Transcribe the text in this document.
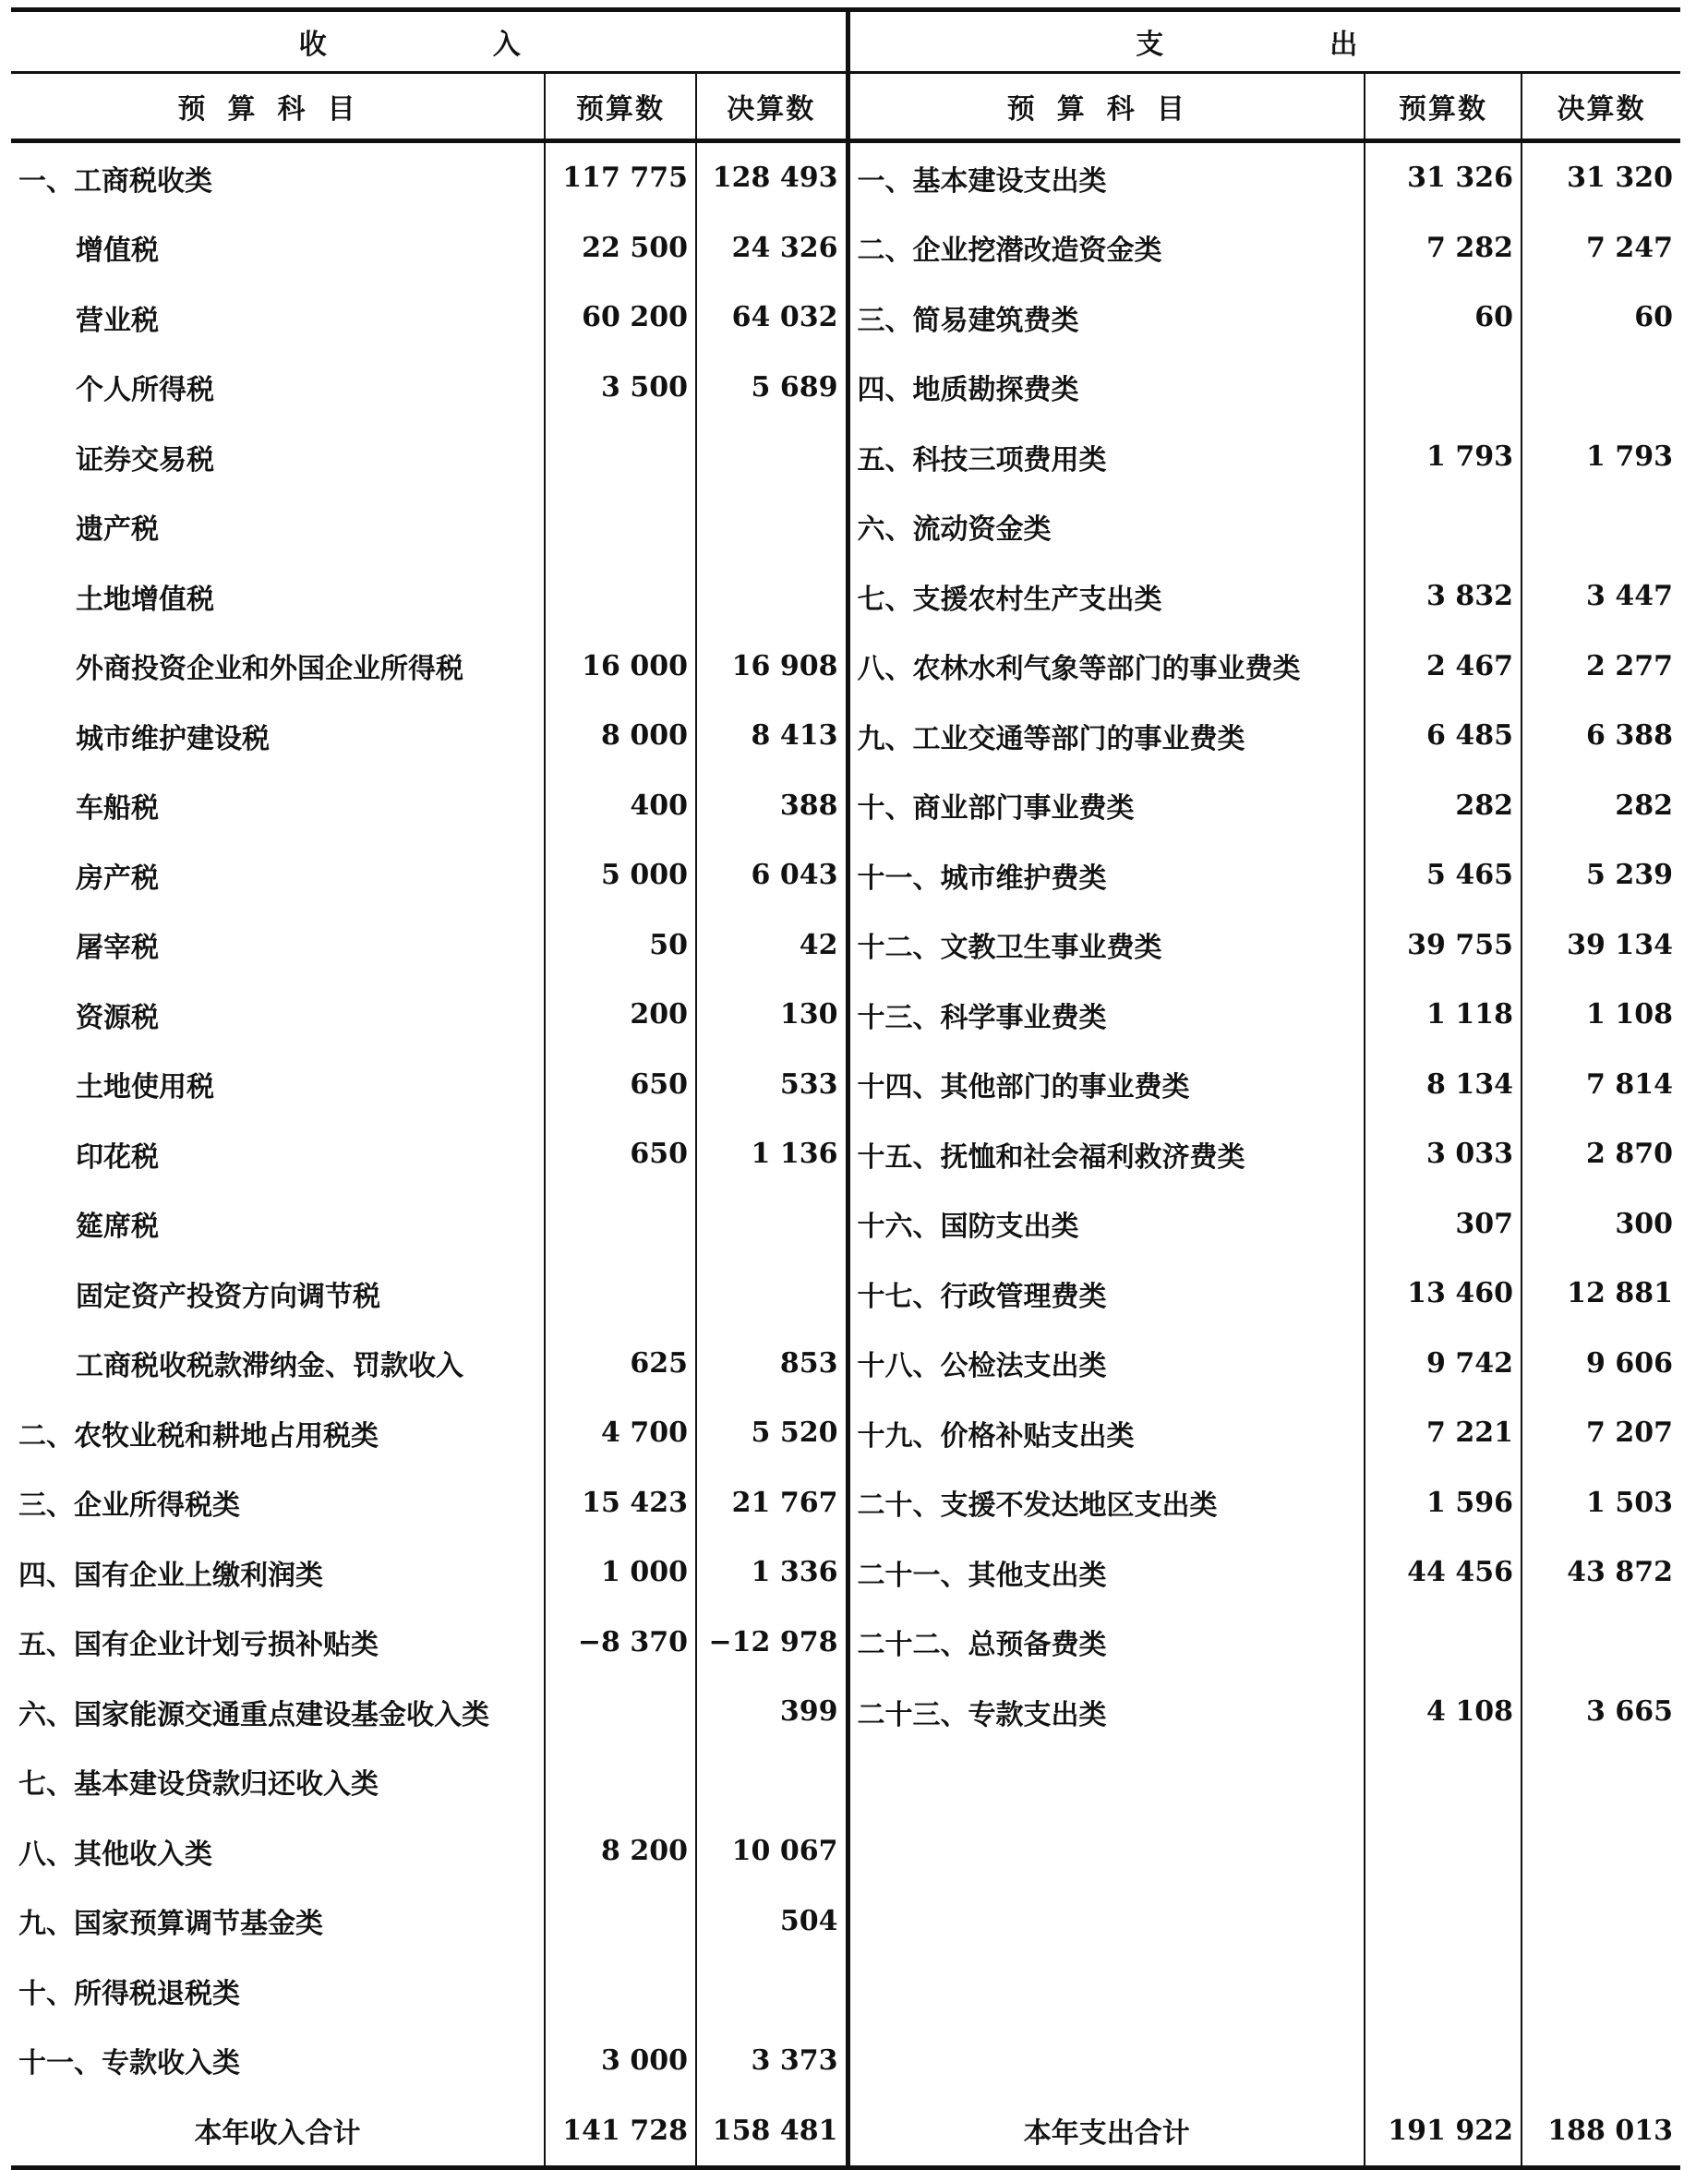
收　　入			支　　出		
预算科目	预算数	决算数	预算科目	预算数	决算数
一、工商税收类	117 775	128 493	一、基本建设支出类	31 326	31 320
增值税	22 500	24 326	二、企业挖潜改造资金类	7 282	7 247
营业税	60 200	64 032	三、简易建筑费类	60	60
个人所得税	3 500	5 689	四、地质勘探费类		
证券交易税			五、科技三项费用类	1 793	1 793
遗产税			六、流动资金类		
土地增值税			七、支援农村生产支出类	3 832	3 447
外商投资企业和外国企业所得税	16 000	16 908	八、农林水利气象等部门的事业费类	2 467	2 277
城市维护建设税	8 000	8 413	九、工业交通等部门的事业费类	6 485	6 388
车船税	400	388	十、商业部门事业费类	282	282
房产税	5 000	6 043	十一、城市维护费类	5 465	5 239
屠宰税	50	42	十二、文教卫生事业费类	39 755	39 134
资源税	200	130	十三、科学事业费类	1 118	1 108
土地使用税	650	533	十四、其他部门的事业费类	8 134	7 814
印花税	650	1 136	十五、抚恤和社会福利救济费类	3 033	2 870
筵席税			十六、国防支出类	307	300
固定资产投资方向调节税			十七、行政管理费类	13 460	12 881
工商税收税款滞纳金、罚款收入	625	853	十八、公检法支出类	9 742	9 606
二、农牧业税和耕地占用税类	4 700	5 520	十九、价格补贴支出类	7 221	7 207
三、企业所得税类	15 423	21 767	二十、支援不发达地区支出类	1 596	1 503
四、国有企业上缴利润类	1 000	1 336	二十一、其他支出类	44 456	43 872
五、国有企业计划亏损补贴类	−8 370	−12 978	二十二、总预备费类		
六、国家能源交通重点建设基金收入类		399	二十三、专款支出类	4 108	3 665
七、基本建设贷款归还收入类					
八、其他收入类	8 200	10 067			
九、国家预算调节基金类		504			
十、所得税退税类					
十一、专款收入类	3 000	3 373			
本年收入合计	141 728	158 481	本年支出合计	191 922	188 013
